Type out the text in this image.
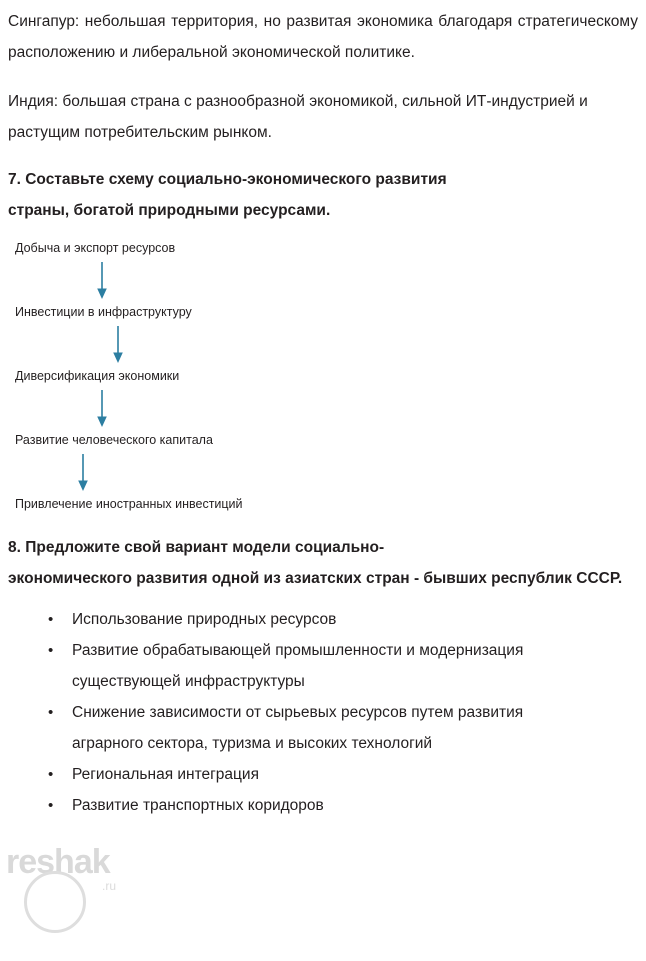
Сингапур: небольшая территория, но развитая экономика благодаря стратегическому расположению и либеральной экономической политике.

Индия: большая страна с разнообразной экономикой, сильной ИТ-индустрией и растущим потребительским рынком.

7. Составьте схему социально-экономического развития
страны, богатой природными ресурсами.
Добыча и экспорт ресурсов
Инвестиции в инфраструктуру
Диверсификация экономики
Развитие человеческого капитала
Привлечение иностранных инвестиций
8. Предложите свой вариант модели социально-
экономического развития одной из азиатских стран - бывших республик СССР.
• Использование природных ресурсов
• Развитие обрабатывающей промышленности и модернизация
существующей инфраструктуры
• Снижение зависимости от сырьевых ресурсов путем развития
аграрного сектора, туризма и высоких технологий
• Региональная интеграция
• Развитие транспортных коридоров
reshak
.ru
